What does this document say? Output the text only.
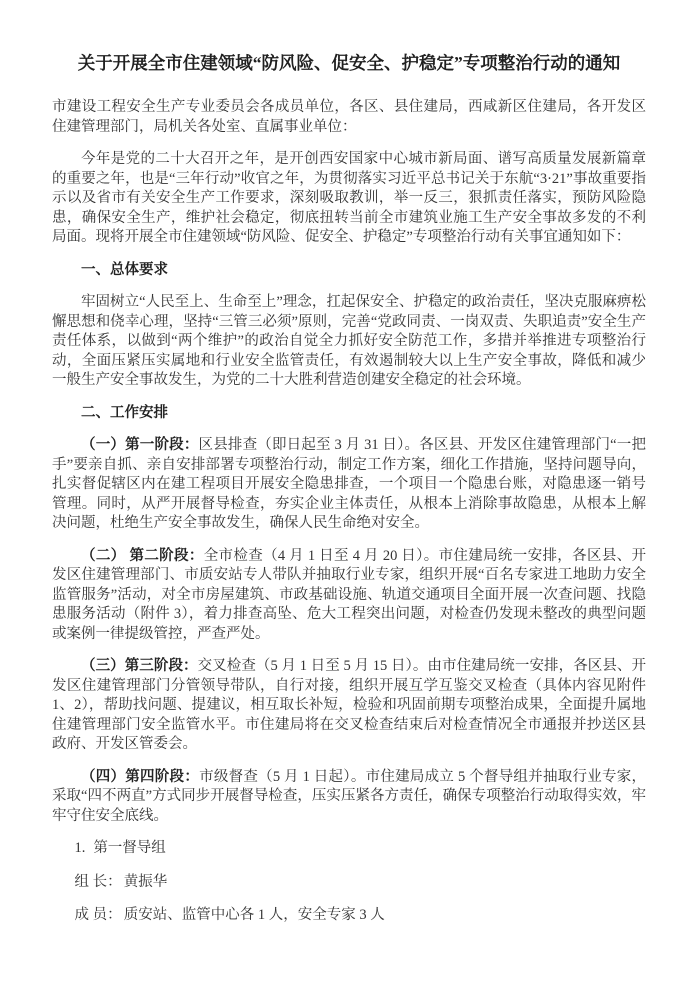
关于开展全市住建领域“防风险、促安全、护稳定”专项整治行动的通知

市建设工程安全生产专业委员会各成员单位，各区、县住建局，西咸新区住建局，各开发区住建管理部门，局机关各处室、直属事业单位：

今年是党的二十大召开之年，是开创西安国家中心城市新局面、谱写高质量发展新篇章的重要之年，也是“三年行动”收官之年，为贯彻落实习近平总书记关于东航“3·21”事故重要指示以及省市有关安全生产工作要求，深刻吸取教训，举一反三，狠抓责任落实，预防风险隐患，确保安全生产，维护社会稳定，彻底扭转当前全市建筑业施工生产安全事故多发的不利局面。现将开展全市住建领域“防风险、促安全、护稳定”专项整治行动有关事宜通知如下：

一、总体要求

牢固树立“人民至上、生命至上”理念，扛起保安全、护稳定的政治责任，坚决克服麻痹松懈思想和侥幸心理，坚持“三管三必须”原则，完善“党政同责、一岗双责、失职追责”安全生产责任体系，以做到“两个维护”的政治自觉全力抓好安全防范工作，多措并举推进专项整治行动，全面压紧压实属地和行业安全监管责任，有效遏制较大以上生产安全事故，降低和减少一般生产安全事故发生，为党的二十大胜利营造创建安全稳定的社会环境。

二、工作安排

（一）第一阶段：区县排查（即日起至 3 月 31 日）。各区县、开发区住建管理部门“一把手”要亲自抓、亲自安排部署专项整治行动，制定工作方案，细化工作措施，坚持问题导向，扎实督促辖区内在建工程项目开展安全隐患排查，一个项目一个隐患台账，对隐患逐一销号管理。同时，从严开展督导检查，夯实企业主体责任，从根本上消除事故隐患，从根本上解决问题，杜绝生产安全事故发生，确保人民生命绝对安全。

（二） 第二阶段：全市检查（4 月 1 日至 4 月 20 日）。市住建局统一安排，各区县、开发区住建管理部门、市质安站专人带队并抽取行业专家，组织开展“百名专家进工地助力安全监管服务”活动，对全市房屋建筑、市政基础设施、轨道交通项目全面开展一次查问题、找隐患服务活动（附件 3），着力排查高坠、危大工程突出问题，对检查仍发现未整改的典型问题或案例一律提级管控，严查严处。

（三）第三阶段：交叉检查（5 月 1 日至 5 月 15 日）。由市住建局统一安排，各区县、开发区住建管理部门分管领导带队，自行对接，组织开展互学互鉴交叉检查（具体内容见附件 1、2），帮助找问题、提建议，相互取长补短，检验和巩固前期专项整治成果，全面提升属地住建管理部门安全监管水平。市住建局将在交叉检查结束后对检查情况全市通报并抄送区县政府、开发区管委会。

（四）第四阶段：市级督查（5 月 1 日起）。市住建局成立 5 个督导组并抽取行业专家，采取“四不两直”方式同步开展督导检查，压实压紧各方责任，确保专项整治行动取得实效，牢牢守住安全底线。

1. 第一督导组

组 长： 黄振华

成 员： 质安站、监管中心各 1 人，安全专家 3 人
